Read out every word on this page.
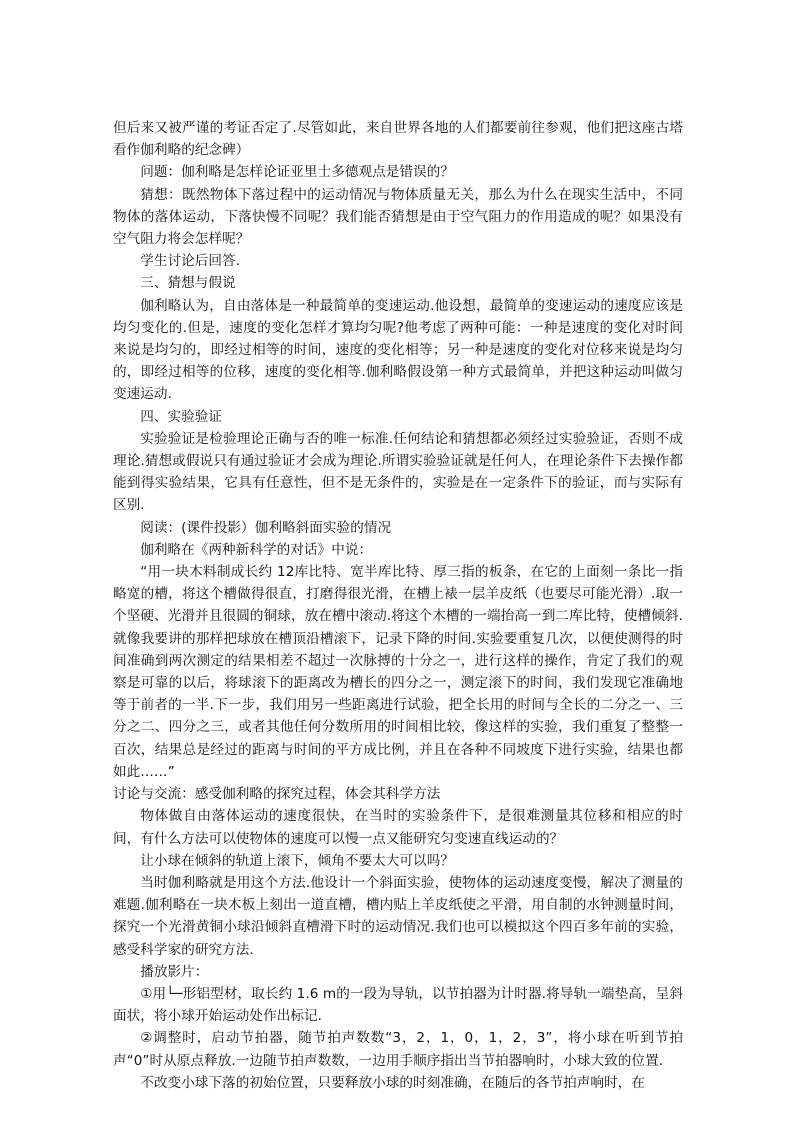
但后来又被严谨的考证否定了.尽管如此，来自世界各地的人们都要前往参观，他们把这座古塔看作伽利略的纪念碑）

问题：伽利略是怎样论证亚里士多德观点是错误的？

猜想：既然物体下落过程中的运动情况与物体质量无关，那么为什么在现实生活中，不同物体的落体运动，下落快慢不同呢？我们能否猜想是由于空气阻力的作用造成的呢？如果没有空气阻力将会怎样呢？

学生讨论后回答.

三、猜想与假说

伽利略认为，自由落体是一种最简单的变速运动.他设想，最简单的变速运动的速度应该是均匀变化的.但是，速度的变化怎样才算均匀呢?他考虑了两种可能：一种是速度的变化对时间来说是均匀的，即经过相等的时间，速度的变化相等；另一种是速度的变化对位移来说是均匀的，即经过相等的位移，速度的变化相等.伽利略假设第一种方式最简单，并把这种运动叫做匀变速运动.

四、实验验证

实验验证是检验理论正确与否的唯一标准.任何结论和猜想都必须经过实验验证，否则不成理论.猜想或假说只有通过验证才会成为理论.所谓实验验证就是任何人，在理论条件下去操作都能到得实验结果，它具有任意性，但不是无条件的，实验是在一定条件下的验证，而与实际有区别.

阅读：(课件投影）伽利略斜面实验的情况

伽利略在《两种新科学的对话》中说：

“用一块木料制成长约 12库比特、宽半库比特、厚三指的板条，在它的上面刻一条比一指略宽的槽，将这个槽做得很直，打磨得很光滑，在槽上裱一层羊皮纸（也要尽可能光滑）.取一个坚硬、光滑并且很圆的铜球，放在槽中滚动.将这个木槽的一端抬高一到二库比特，使槽倾斜.就像我要讲的那样把球放在槽顶沿槽滚下，记录下降的时间.实验要重复几次，以便使测得的时间准确到两次测定的结果相差不超过一次脉搏的十分之一，进行这样的操作，肯定了我们的观察是可靠的以后，将球滚下的距离改为槽长的四分之一，测定滚下的时间，我们发现它准确地等于前者的一半.下一步，我们用另一些距离进行试验，把全长用的时间与全长的二分之一、三分之二、四分之三，或者其他任何分数所用的时间相比较，像这样的实验，我们重复了整整一百次，结果总是经过的距离与时间的平方成比例，并且在各种不同坡度下进行实验，结果也都如此……”

讨论与交流：感受伽利略的探究过程，体会其科学方法

物体做自由落体运动的速度很快，在当时的实验条件下，是很难测量其位移和相应的时间，有什么方法可以使物体的速度可以慢一点又能研究匀变速直线运动的？

让小球在倾斜的轨道上滚下，倾角不要太大可以吗？

当时伽利略就是用这个方法.他设计一个斜面实验，使物体的运动速度变慢，解决了测量的难题.伽利略在一块木板上刻出一道直槽，槽内贴上羊皮纸使之平滑，用自制的水钟测量时间，探究一个光滑黄铜小球沿倾斜直槽滑下时的运动情况.我们也可以模拟这个四百多年前的实验，感受科学家的研究方法.

播放影片：

①用└─形铝型材，取长约 1.6 m的一段为导轨，以节拍器为计时器.将导轨一端垫高，呈斜面状，将小球开始运动处作出标记.

②调整时，启动节拍器，随节拍声数数“3，2，1，0，1，2，3”，将小球在听到节拍声“0”时从原点释放.一边随节拍声数数，一边用手顺序指出当节拍器响时，小球大致的位置.

不改变小球下落的初始位置，只要释放小球的时刻准确，在随后的各节拍声响时，在
